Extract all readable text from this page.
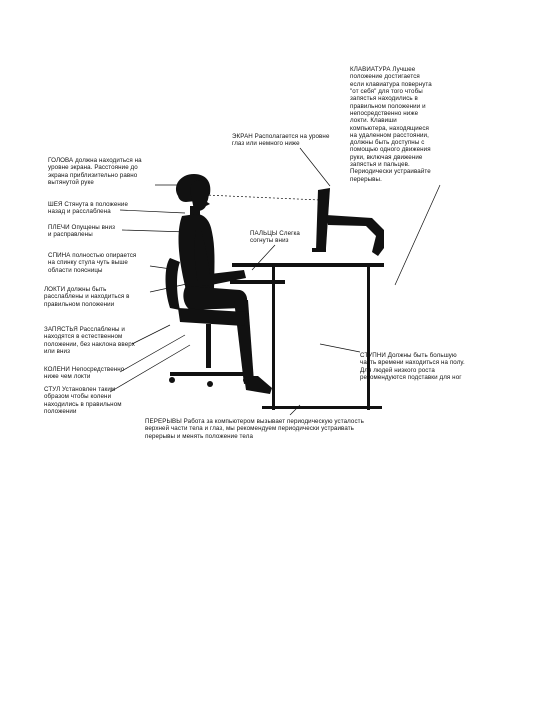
КЛАВИАТУРА Лучшее
положение достигается
если клавиатура повернута
"от себя" для того чтобы
запястья находились в
правильном положении и
непосредственно ниже
локти. Клавиши
компьютера, находящиеся
на удаленном расстоянии,
должны быть доступны с
помощью одного движения
руки, включая движение
запястья и пальцев.
Периодически устраивайте
перерывы.
ЭКРАН Располагается на уровне
глаз или немного ниже
ГОЛОВА должна находиться на
уровне экрана. Расстояние до
экрана приблизительно равно
вытянутой руке
ШЕЯ Стянута в положение
назад и расслаблена
ПЛЕЧИ Опущены вниз
и расправлены	ПАЛЬЦЫ Слегка
согнуты вниз
СПИНА полностью опирается
на спинку стула чуть выше
области поясницы
ЛОКТИ должны быть
расслаблены и находиться в
правильном положении
ЗАПЯСТЬЯ Расслаблены и
находятся в естественном
положении, без наклона вверх
или вниз
КОЛЕНИ Непосредственно
ниже чем локти
СТУЛ Установлен таким
образом чтобы колени
находились в правильном
положении
СТУПНИ Должны быть большую
часть времени находиться на полу.
Для людей низкого роста
рекомендуются подставки для ног
ПЕРЕРЫВЫ Работа за компьютером вызывает периодическую усталость
верхней части тела и глаз, мы рекомендуем периодически устраивать
перерывы и менять положение тела
